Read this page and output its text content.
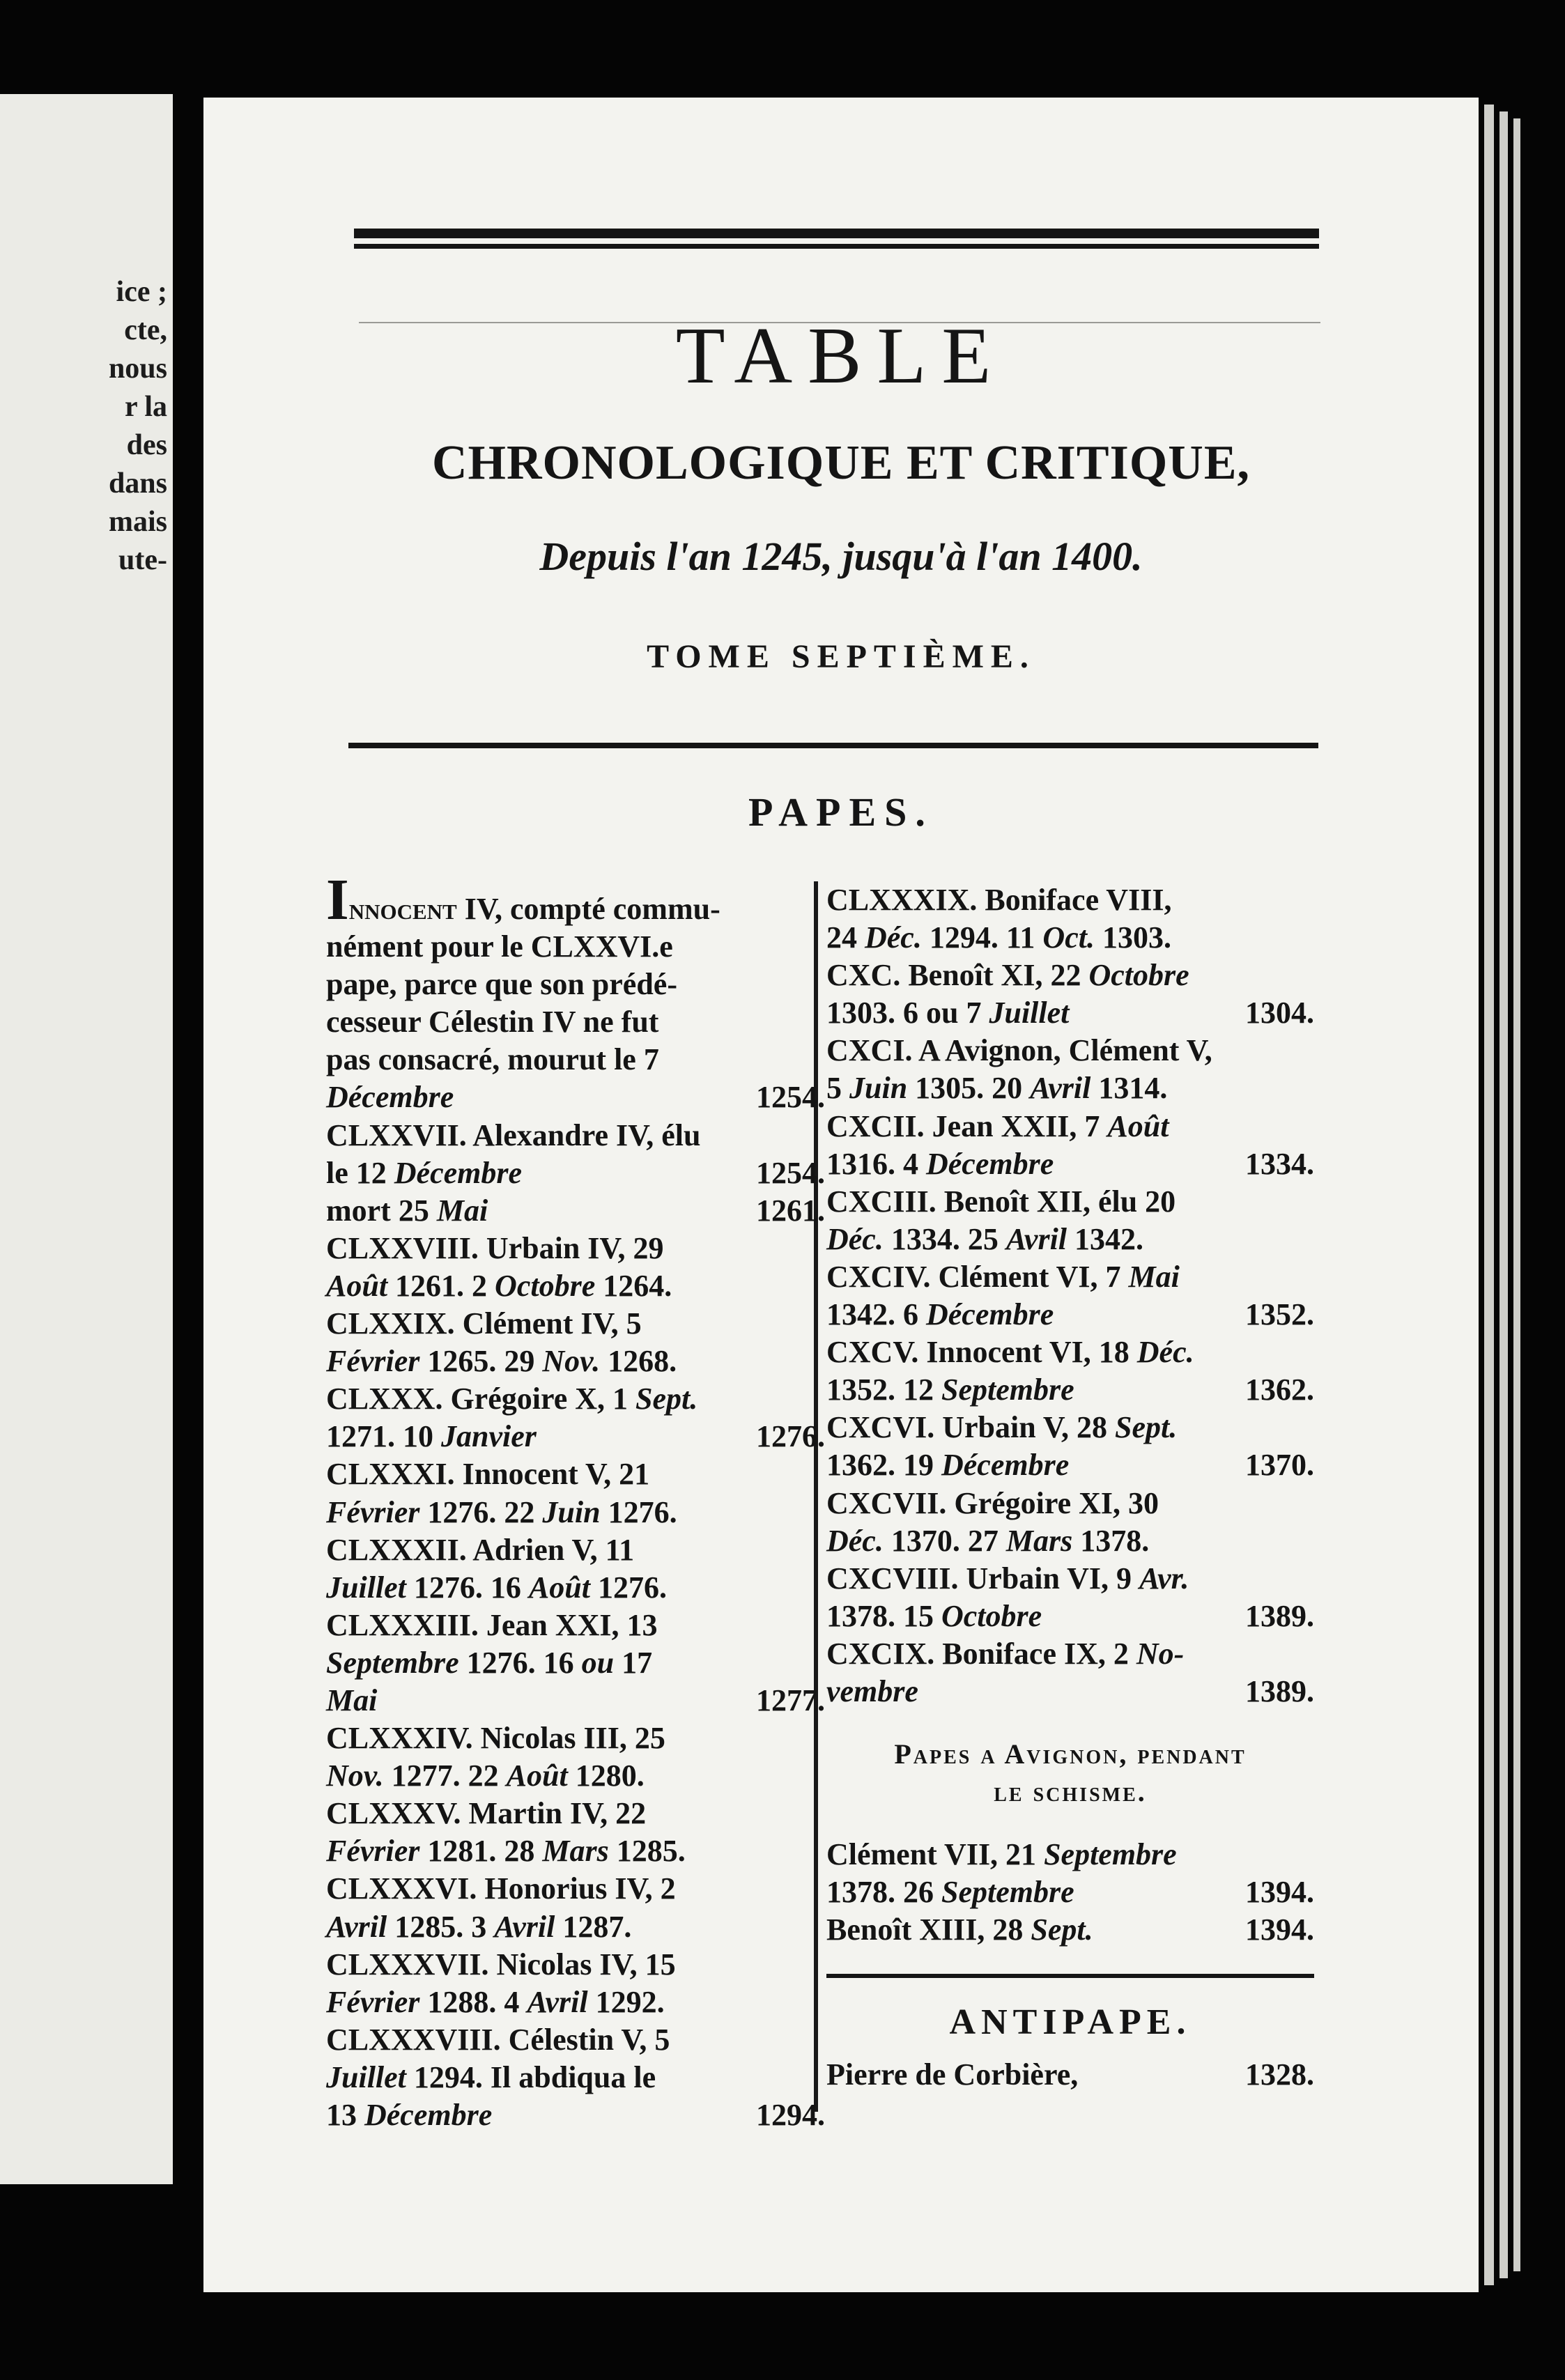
ice ;

cte,

nous

r la

des

dans

mais

ute-

TABLE
CHRONOLOGIQUE ET CRITIQUE,

Depuis l'an 1245, jusqu'à l'an 1400.

TOME SEPTIÈME.

PAPES.
Innocent IV, compté commu-
nément pour le CLXXVI.e
pape, parce que son prédé-
cesseur Célestin IV ne fut
pas consacré, mourut le 7
Décembre	1254.
CLXXVII. Alexandre IV, élu
le 12 Décembre	1254.
mort 25 Mai	1261.
CLXXVIII. Urbain IV, 29
Août 1261. 2 Octobre 1264.
CLXXIX. Clément IV, 5
Février 1265. 29 Nov. 1268.
CLXXX. Grégoire X, 1 Sept.
1271. 10 Janvier	1276.
CLXXXI. Innocent V, 21
Février 1276. 22 Juin 1276.
CLXXXII. Adrien V, 11
Juillet 1276. 16 Août 1276.
CLXXXIII. Jean XXI, 13
Septembre 1276. 16 ou 17
Mai	1277.
CLXXXIV. Nicolas III, 25
Nov. 1277. 22 Août 1280.
CLXXXV. Martin IV, 22
Février 1281. 28 Mars 1285.
CLXXXVI. Honorius IV, 2
Avril 1285. 3 Avril 1287.
CLXXXVII. Nicolas IV, 15
Février 1288. 4 Avril 1292.
CLXXXVIII. Célestin V, 5
Juillet 1294. Il abdiqua le
13 Décembre	1294.
CLXXXIX. Boniface VIII,
24 Déc. 1294. 11 Oct. 1303.
CXC. Benoît XI, 22 Octobre
1303. 6 ou 7 Juillet	1304.
CXCI. A Avignon, Clément V,
5 Juin 1305. 20 Avril 1314.
CXCII. Jean XXII, 7 Août
1316. 4 Décembre	1334.
CXCIII. Benoît XII, élu 20
Déc. 1334. 25 Avril 1342.
CXCIV. Clément VI, 7 Mai
1342. 6 Décembre	1352.
CXCV. Innocent VI, 18 Déc.
1352. 12 Septembre	1362.
CXCVI. Urbain V, 28 Sept.
1362. 19 Décembre	1370.
CXCVII. Grégoire XI, 30
Déc. 1370. 27 Mars 1378.
CXCVIII. Urbain VI, 9 Avr.
1378. 15 Octobre	1389.
CXCIX. Boniface IX, 2 No-
vembre	1389.

Papes a Avignon, pendant

le schisme.

Clément VII, 21 Septembre
1378. 26 Septembre	1394.
Benoît XIII, 28 Sept.	1394.

ANTIPAPE.

Pierre de Corbière,	1328.
